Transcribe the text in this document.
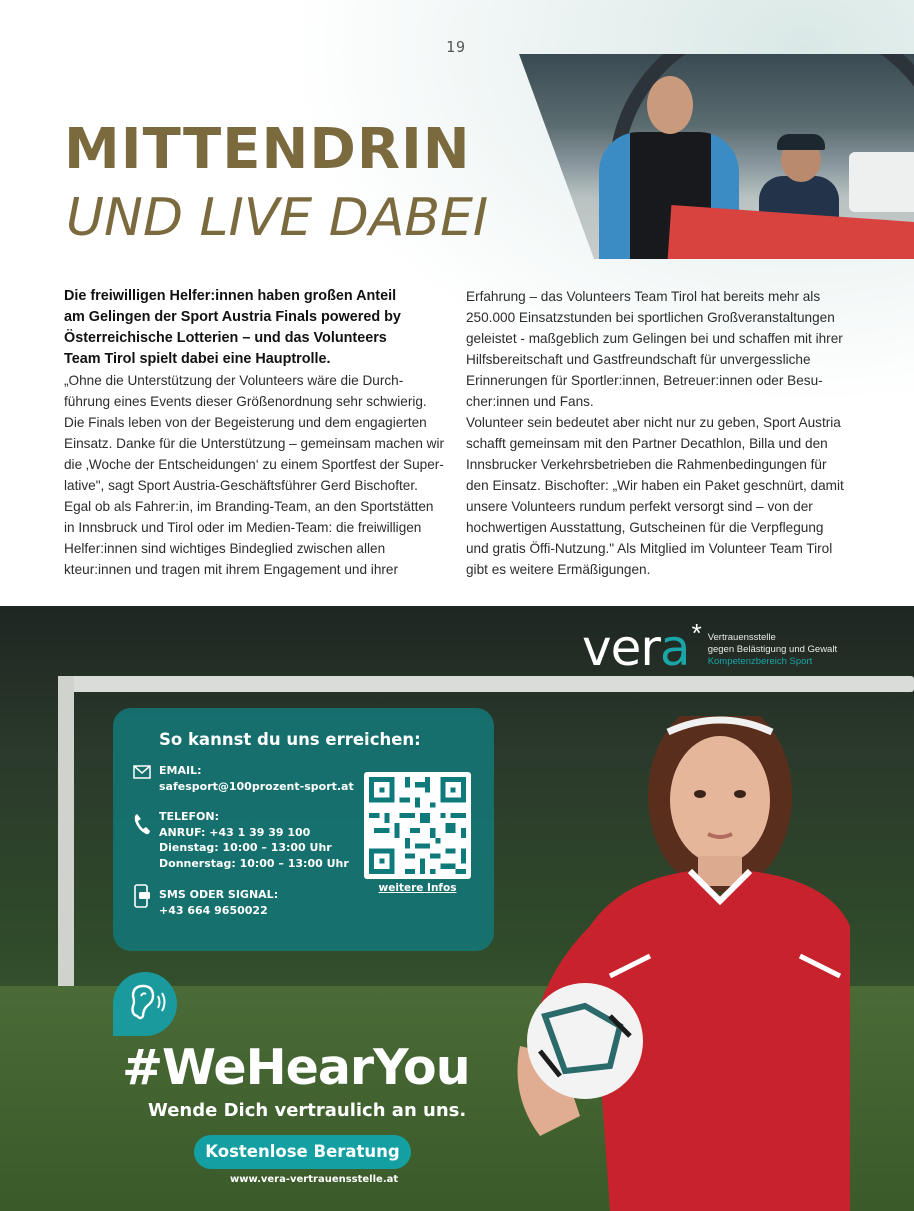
19
MITTENDRIN
UND LIVE DABEI

Die freiwilligen Helfer:innen haben großen Anteil

am Gelingen der Sport Austria Finals powered by

Österreichische Lotterien – und das Volunteers

Team Tirol spielt dabei eine Hauptrolle.

„Ohne die Unterstützung der Volunteers wäre die Durch-

führung eines Events dieser Größenordnung sehr schwierig.

Die Finals leben von der Begeisterung und dem engagierten

Einsatz. Danke für die Unterstützung – gemeinsam machen wir

die ‚Woche der Entscheidungen‘ zu einem Sportfest der Super-

lative", sagt Sport Austria-Geschäftsführer Gerd Bischofter.

Egal ob als Fahrer:in, im Branding-Team, an den Sportstätten

in Innsbruck und Tirol oder im Medien-Team: die freiwilligen

Helfer:innen sind wichtiges Bindeglied zwischen allen

kteur:innen und tragen mit ihrem Engagement und ihrer

Erfahrung – das Volunteers Team Tirol hat bereits mehr als

250.000 Einsatzstunden bei sportlichen Großveranstaltungen

geleistet - maßgeblich zum Gelingen bei und schaffen mit ihrer

Hilfsbereitschaft und Gastfreundschaft für unvergessliche

Erinnerungen für Sportler:innen, Betreuer:innen oder Besu-

cher:innen und Fans.

Volunteer sein bedeutet aber nicht nur zu geben, Sport Austria

schafft gemeinsam mit den Partner Decathlon, Billa und den

Innsbrucker Verkehrsbetrieben die Rahmenbedingungen für

den Einsatz. Bischofter: „Wir haben ein Paket geschnürt, damit

unsere Volunteers rundum perfekt versorgt sind – von der

hochwertigen Ausstattung, Gutscheinen für die Verpflegung

und gratis Öffi-Nutzung." Als Mitglied im Volunteer Team Tirol

gibt es weitere Ermäßigungen.

vera * Vertrauensstelle
gegen Belästigung und Gewalt
Kompetenzbereich Sport
So kannst du uns erreichen:
EMAIL:
safesport@100prozent-sport.at
TELEFON:
ANRUF: +43 1 39 39 100
Dienstag: 10:00 – 13:00 Uhr
Donnerstag: 10:00 – 13:00 Uhr
SMS ODER SIGNAL:
+43 664 9650022
weitere Infos
#WeHearYou
Wende Dich vertraulich an uns.
Kostenlose Beratung
www.vera-vertrauensstelle.at
